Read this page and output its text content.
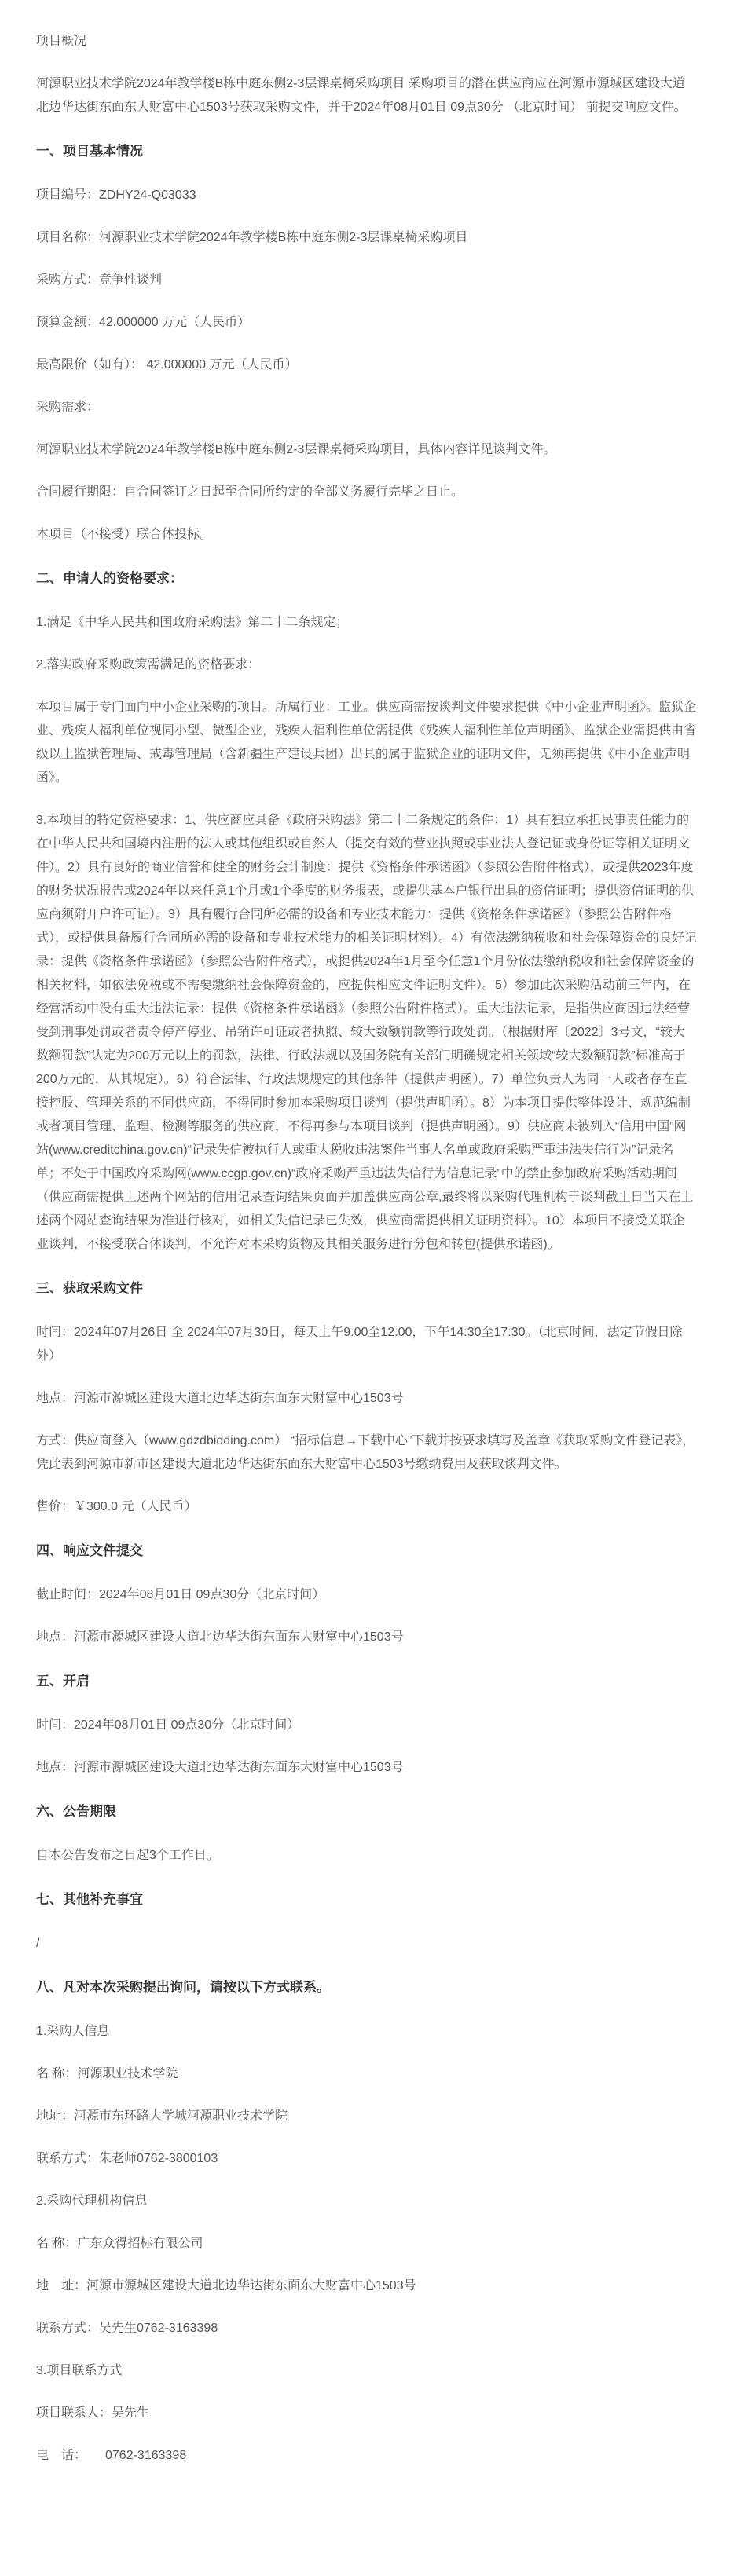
项目概况

河源职业技术学院2024年教学楼B栋中庭东侧2-3层课桌椅采购项目 采购项目的潜在供应商应在河源市源城区建设大道北边华达街东面东大财富中心1503号获取采购文件，并于2024年08月01日 09点30分 （北京时间） 前提交响应文件。

一、项目基本情况

项目编号：ZDHY24-Q03033

项目名称：河源职业技术学院2024年教学楼B栋中庭东侧2-3层课桌椅采购项目

采购方式：竞争性谈判

预算金额：42.000000 万元（人民币）

最高限价（如有）： 42.000000 万元（人民币）

采购需求：

河源职业技术学院2024年教学楼B栋中庭东侧2-3层课桌椅采购项目，具体内容详见谈判文件。

合同履行期限：自合同签订之日起至合同所约定的全部义务履行完毕之日止。

本项目（不接受）联合体投标。

二、申请人的资格要求：

1.满足《中华人民共和国政府采购法》第二十二条规定；

2.落实政府采购政策需满足的资格要求：

本项目属于专门面向中小企业采购的项目。所属行业：工业。供应商需按谈判文件要求提供《中小企业声明函》。监狱企业、残疾人福利单位视同小型、微型企业，残疾人福利性单位需提供《残疾人福利性单位声明函》、监狱企业需提供由省级以上监狱管理局、戒毒管理局（含新疆生产建设兵团）出具的属于监狱企业的证明文件，无须再提供《中小企业声明函》。

3.本项目的特定资格要求：1、供应商应具备《政府采购法》第二十二条规定的条件：1）具有独立承担民事责任能力的在中华人民共和国境内注册的法人或其他组织或自然人（提交有效的营业执照或事业法人登记证或身份证等相关证明文件）。2）具有良好的商业信誉和健全的财务会计制度：提供《资格条件承诺函》（参照公告附件格式），或提供2023年度的财务状况报告或2024年以来任意1个月或1个季度的财务报表，或提供基本户银行出具的资信证明；提供资信证明的供应商须附开户许可证）。3）具有履行合同所必需的设备和专业技术能力：提供《资格条件承诺函》（参照公告附件格式），或提供具备履行合同所必需的设备和专业技术能力的相关证明材料）。4）有依法缴纳税收和社会保障资金的良好记录：提供《资格条件承诺函》（参照公告附件格式），或提供2024年1月至今任意1个月份依法缴纳税收和社会保障资金的相关材料，如依法免税或不需要缴纳社会保障资金的，应提供相应文件证明文件）。5）参加此次采购活动前三年内，在经营活动中没有重大违法记录：提供《资格条件承诺函》（参照公告附件格式）。重大违法记录，是指供应商因违法经营受到刑事处罚或者责令停产停业、吊销许可证或者执照、较大数额罚款等行政处罚。（根据财库〔2022〕3号文，“较大数额罚款”认定为200万元以上的罚款，法律、行政法规以及国务院有关部门明确规定相关领域“较大数额罚款”标准高于200万元的，从其规定）。6）符合法律、行政法规规定的其他条件（提供声明函）。7）单位负责人为同一人或者存在直接控股、管理关系的不同供应商，不得同时参加本采购项目谈判（提供声明函）。8）为本项目提供整体设计、规范编制或者项目管理、监理、检测等服务的供应商，不得再参与本项目谈判（提供声明函）。9）供应商未被列入“信用中国”网站(www.creditchina.gov.cn)“记录失信被执行人或重大税收违法案件当事人名单或政府采购严重违法失信行为”记录名单；不处于中国政府采购网(www.ccgp.gov.cn)“政府采购严重违法失信行为信息记录”中的禁止参加政府采购活动期间（供应商需提供上述两个网站的信用记录查询结果页面并加盖供应商公章,最终将以采购代理机构于谈判截止日当天在上述两个网站查询结果为准进行核对，如相关失信记录已失效，供应商需提供相关证明资料）。10）本项目不接受关联企业谈判，不接受联合体谈判，不允许对本采购货物及其相关服务进行分包和转包(提供承诺函)。

三、获取采购文件

时间：2024年07月26日 至 2024年07月30日，每天上午9:00至12:00，下午14:30至17:30。（北京时间，法定节假日除外）

地点：河源市源城区建设大道北边华达街东面东大财富中心1503号

方式：供应商登入（www.gdzdbidding.com） “招标信息→下载中心”下载并按要求填写及盖章《获取采购文件登记表》，凭此表到河源市新市区建设大道北边华达街东面东大财富中心1503号缴纳费用及获取谈判文件。

售价：￥300.0 元（人民币）

四、响应文件提交

截止时间：2024年08月01日 09点30分（北京时间）

地点：河源市源城区建设大道北边华达街东面东大财富中心1503号

五、开启

时间：2024年08月01日 09点30分（北京时间）

地点：河源市源城区建设大道北边华达街东面东大财富中心1503号

六、公告期限

自本公告发布之日起3个工作日。

七、其他补充事宜

/

八、凡对本次采购提出询问，请按以下方式联系。

1.采购人信息

名 称：河源职业技术学院

地址：河源市东环路大学城河源职业技术学院

联系方式：朱老师0762-3800103

2.采购代理机构信息

名 称：广东众得招标有限公司

地　址：河源市源城区建设大道北边华达街东面东大财富中心1503号

联系方式：吴先生0762-3163398

3.项目联系方式

项目联系人：吴先生

电　话：　　0762-3163398
